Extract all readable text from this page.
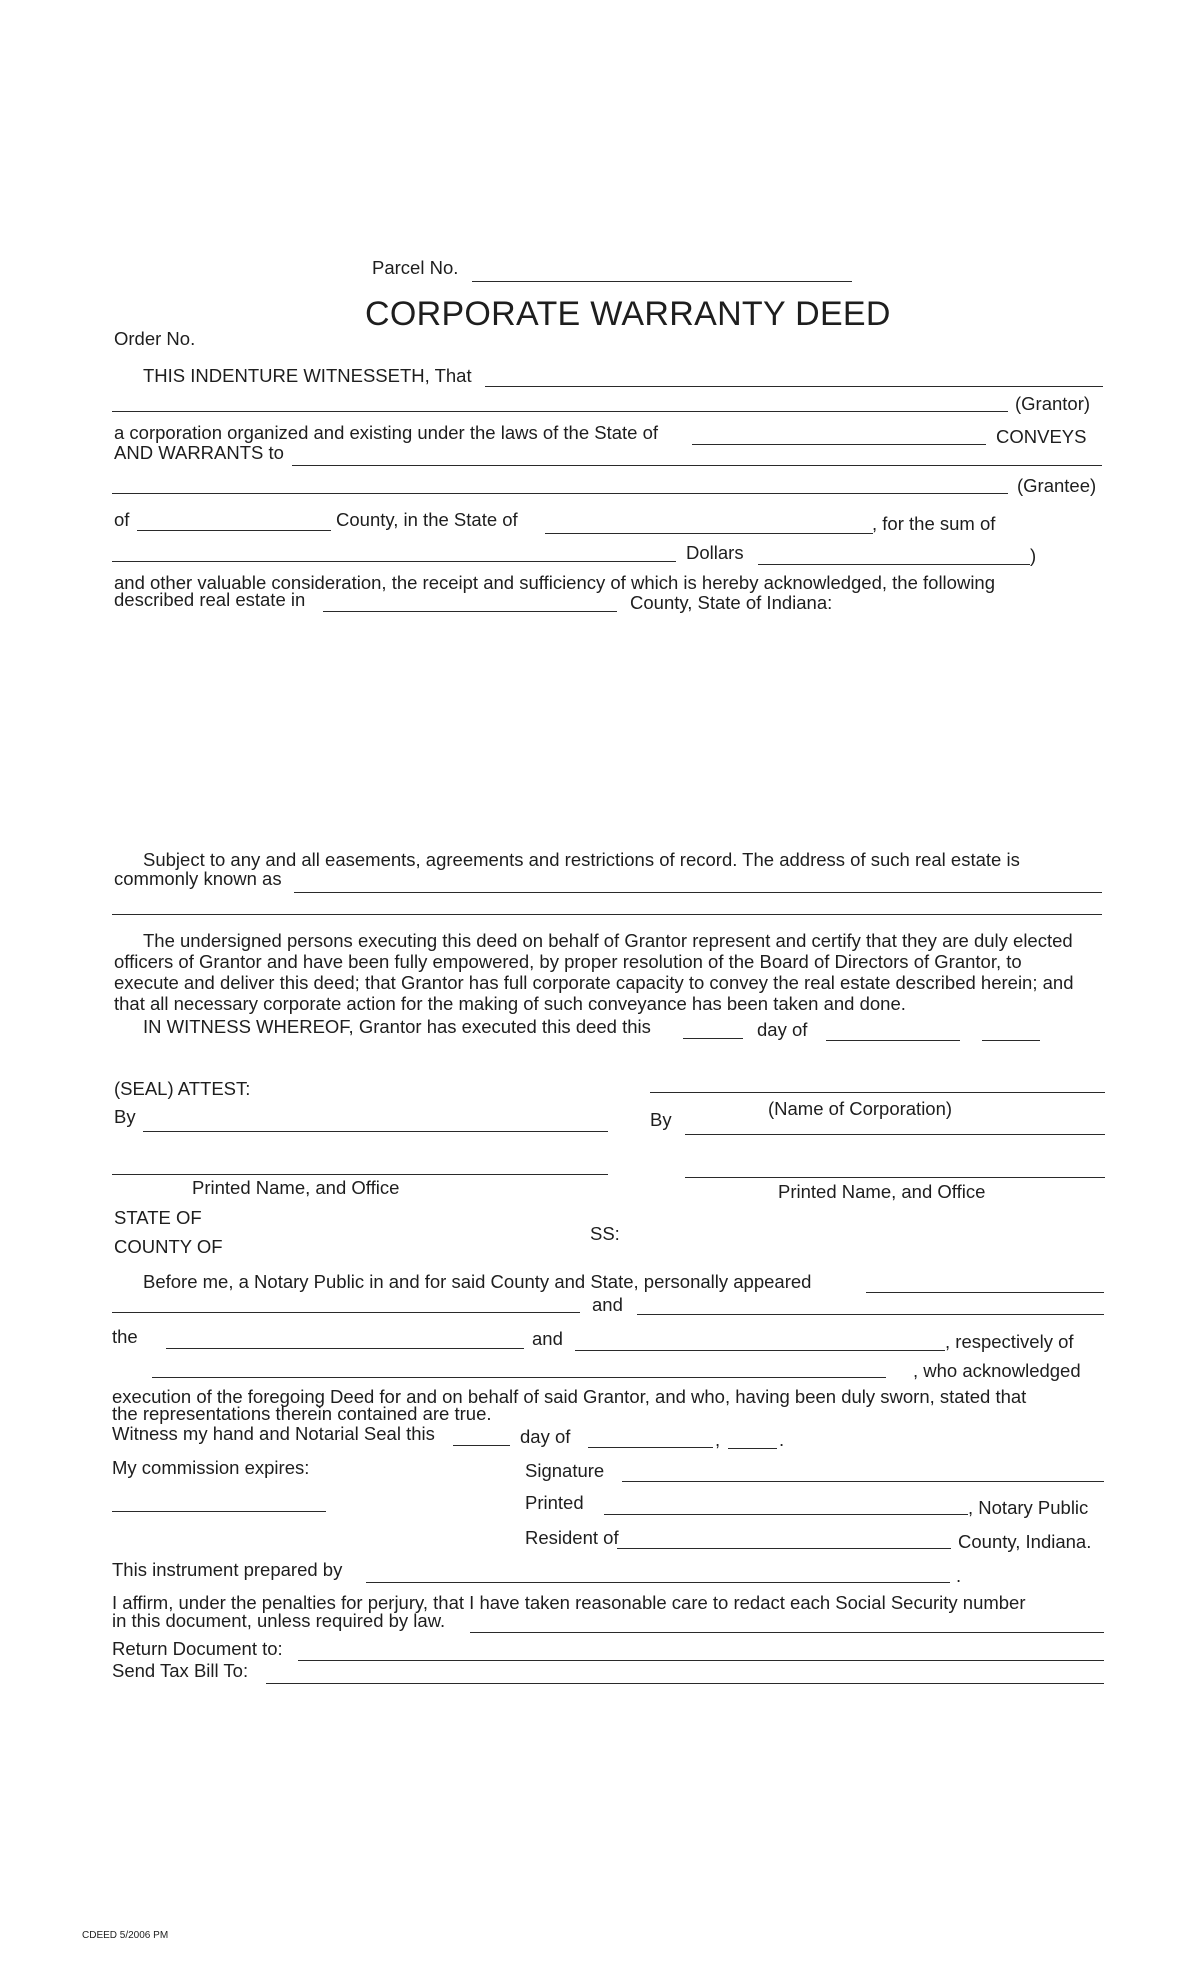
Parcel No.
CORPORATE WARRANTY DEED
Order No.
THIS INDENTURE WITNESSETH, That
(Grantor)
a corporation organized and existing under the laws of the State of	CONVEYS
AND WARRANTS to
(Grantee)
of	County, in the State of	, for the sum of
Dollars	)
and other valuable consideration, the receipt and sufficiency of which is hereby acknowledged, the following
described real estate in	County, State of Indiana:
Subject to any and all easements, agreements and restrictions of record. The address of such real estate is
commonly known as
The undersigned persons executing this deed on behalf of Grantor represent and certify that they are duly elected
officers of Grantor and have been fully empowered, by proper resolution of the Board of Directors of Grantor, to
execute and deliver this deed; that Grantor has full corporate capacity to convey the real estate described herein; and
that all necessary corporate action for the making of such conveyance has been taken and done.
IN WITNESS WHEREOF, Grantor has executed this deed this	day of
(SEAL) ATTEST:
(Name of Corporation)
By	By
Printed Name, and Office	Printed Name, and Office
STATE OF
SS:
COUNTY OF
Before me, a Notary Public in and for said County and State, personally appeared
and
the	and	, respectively of
, who acknowledged
execution of the foregoing Deed for and on behalf of said Grantor, and who, having been duly sworn, stated that
the representations therein contained are true.
Witness my hand and Notarial Seal this	day of	,	.
My commission expires:	Signature
Printed	, Notary Public
Resident of	County, Indiana.
This instrument prepared by	.
I affirm, under the penalties for perjury, that I have taken reasonable care to redact each Social Security number
in this document, unless required by law.
Return Document to:
Send Tax Bill To:
CDEED 5/2006 PM
